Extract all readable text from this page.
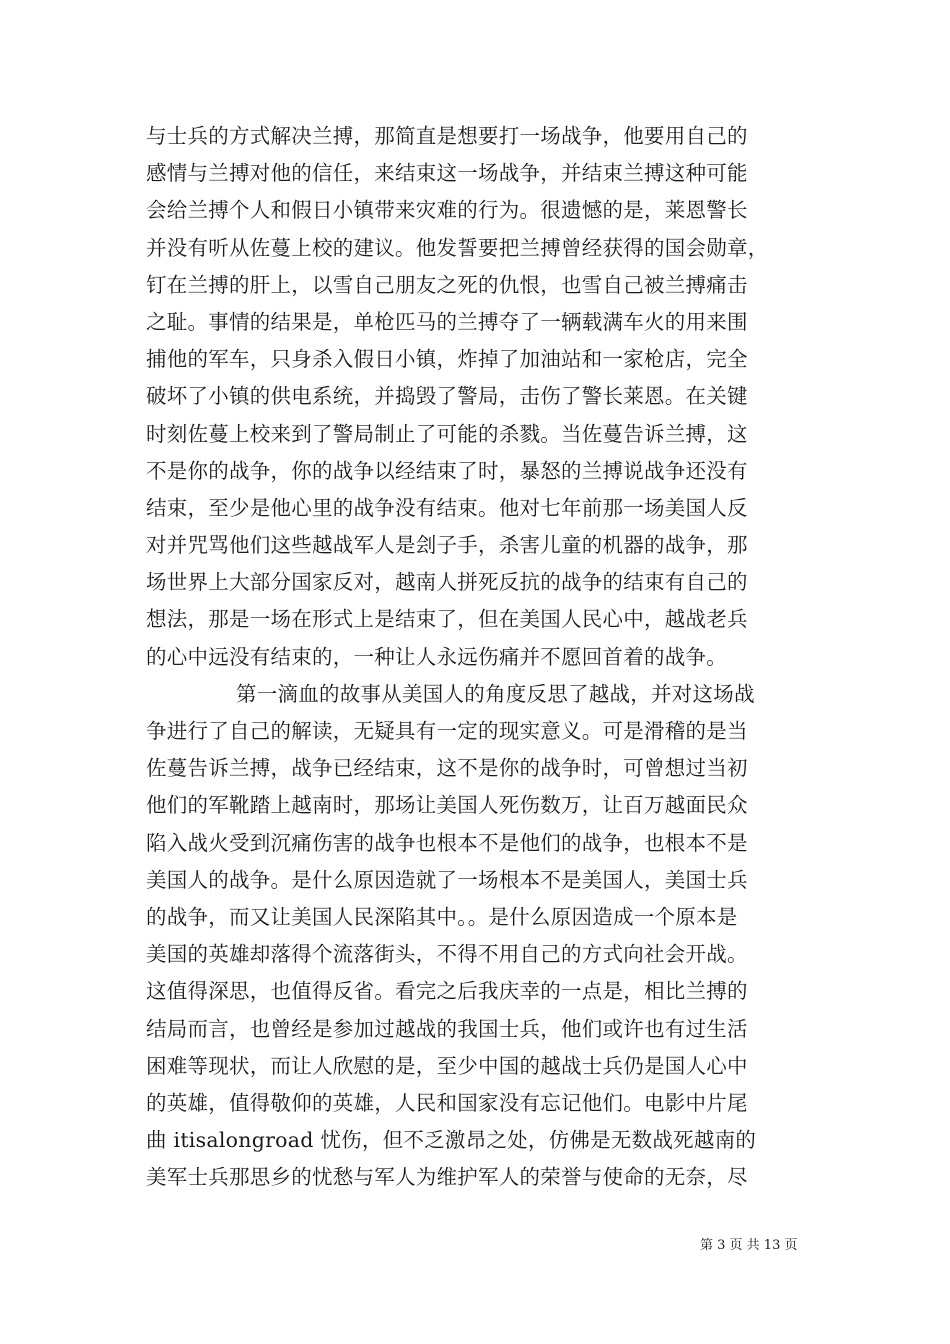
与士兵的方式解决兰搏，那简直是想要打一场战争，他要用自己的
感情与兰搏对他的信任，来结束这一场战争，并结束兰搏这种可能
会给兰搏个人和假日小镇带来灾难的行为。很遗憾的是，莱恩警长
并没有听从佐蔓上校的建议。他发誓要把兰搏曾经获得的国会勋章，
钉在兰搏的肝上，以雪自己朋友之死的仇恨，也雪自己被兰搏痛击
之耻。事情的结果是，单枪匹马的兰搏夺了一辆载满车火的用来围
捕他的军车，只身杀入假日小镇，炸掉了加油站和一家枪店，完全
破坏了小镇的供电系统，并捣毁了警局，击伤了警长莱恩。在关键
时刻佐蔓上校来到了警局制止了可能的杀戮。当佐蔓告诉兰搏，这
不是你的战争，你的战争以经结束了时，暴怒的兰搏说战争还没有
结束，至少是他心里的战争没有结束。他对七年前那一场美国人反
对并咒骂他们这些越战军人是刽子手，杀害儿童的机器的战争，那
场世界上大部分国家反对，越南人拼死反抗的战争的结束有自己的
想法，那是一场在形式上是结束了，但在美国人民心中，越战老兵
的心中远没有结束的，一种让人永远伤痛并不愿回首着的战争。
第一滴血的故事从美国人的角度反思了越战，并对这场战
争进行了自己的解读，无疑具有一定的现实意义。可是滑稽的是当
佐蔓告诉兰搏，战争已经结束，这不是你的战争时，可曾想过当初
他们的军靴踏上越南时，那场让美国人死伤数万，让百万越面民众
陷入战火受到沉痛伤害的战争也根本不是他们的战争，也根本不是
美国人的战争。是什么原因造就了一场根本不是美国人，美国士兵
的战争，而又让美国人民深陷其中。。是什么原因造成一个原本是
美国的英雄却落得个流落街头，不得不用自己的方式向社会开战。
这值得深思，也值得反省。看完之后我庆幸的一点是，相比兰搏的
结局而言，也曾经是参加过越战的我国士兵，他们或许也有过生活
困难等现状，而让人欣慰的是，至少中国的越战士兵仍是国人心中
的英雄，值得敬仰的英雄，人民和国家没有忘记他们。电影中片尾
曲 itisalongroad 忧伤，但不乏激昂之处，仿佛是无数战死越南的
美军士兵那思乡的忧愁与军人为维护军人的荣誉与使命的无奈，尽
第 3 页 共 13 页
